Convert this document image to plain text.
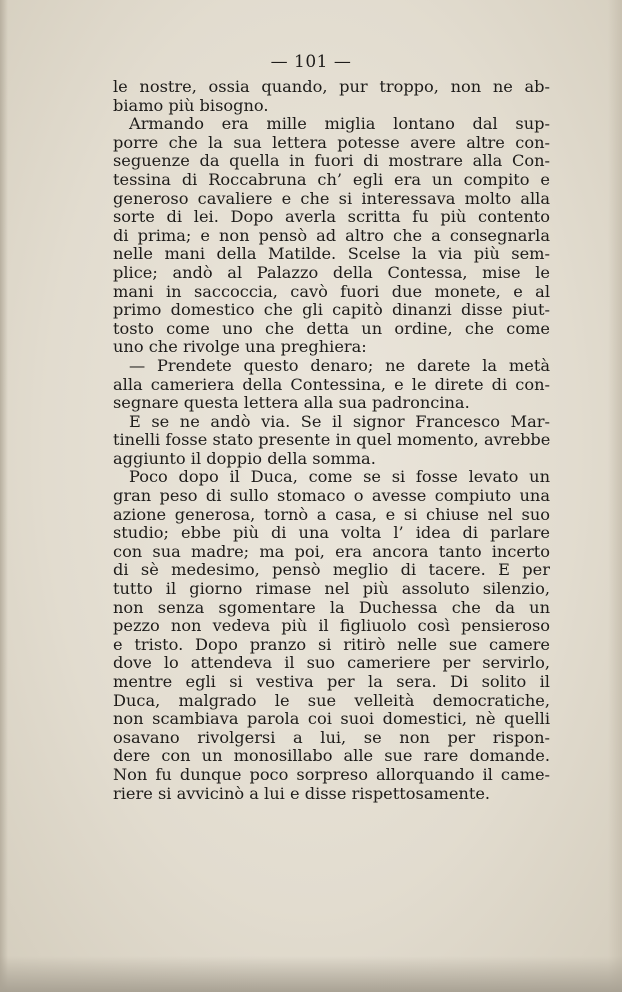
— 101 —
le nostre, ossia quando, pur troppo, non ne ab-
biamo più bisogno.
Armando era mille miglia lontano dal sup-
porre che la sua lettera potesse avere altre con-
seguenze da quella in fuori di mostrare alla Con-
tessina di Roccabruna ch’ egli era un compito e
generoso cavaliere e che si interessava molto alla
sorte di lei. Dopo averla scritta fu più contento
di prima; e non pensò ad altro che a consegnarla
nelle mani della Matilde. Scelse la via più sem-
plice; andò al Palazzo della Contessa, mise le
mani in saccoccia, cavò fuori due monete, e al
primo domestico che gli capitò dinanzi disse piut-
tosto come uno che detta un ordine, che come
uno che rivolge una preghiera:
— Prendete questo denaro; ne darete la metà
alla cameriera della Contessina, e le direte di con-
segnare questa lettera alla sua padroncina.
E se ne andò via. Se il signor Francesco Mar-
tinelli fosse stato presente in quel momento, avrebbe
aggiunto il doppio della somma.
Poco dopo il Duca, come se si fosse levato un
gran peso di sullo stomaco o avesse compiuto una
azione generosa, tornò a casa, e si chiuse nel suo
studio; ebbe più di una volta l’ idea di parlare
con sua madre; ma poi, era ancora tanto incerto
di sè medesimo, pensò meglio di tacere. E per
tutto il giorno rimase nel più assoluto silenzio,
non senza sgomentare la Duchessa che da un
pezzo non vedeva più il figliuolo così pensieroso
e tristo. Dopo pranzo si ritirò nelle sue camere
dove lo attendeva il suo cameriere per servirlo,
mentre egli si vestiva per la sera. Di solito il
Duca, malgrado le sue velleità democratiche,
non scambiava parola coi suoi domestici, nè quelli
osavano rivolgersi a lui, se non per rispon-
dere con un monosillabo alle sue rare domande.
Non fu dunque poco sorpreso allorquando il came-
riere si avvicinò a lui e disse rispettosamente.
